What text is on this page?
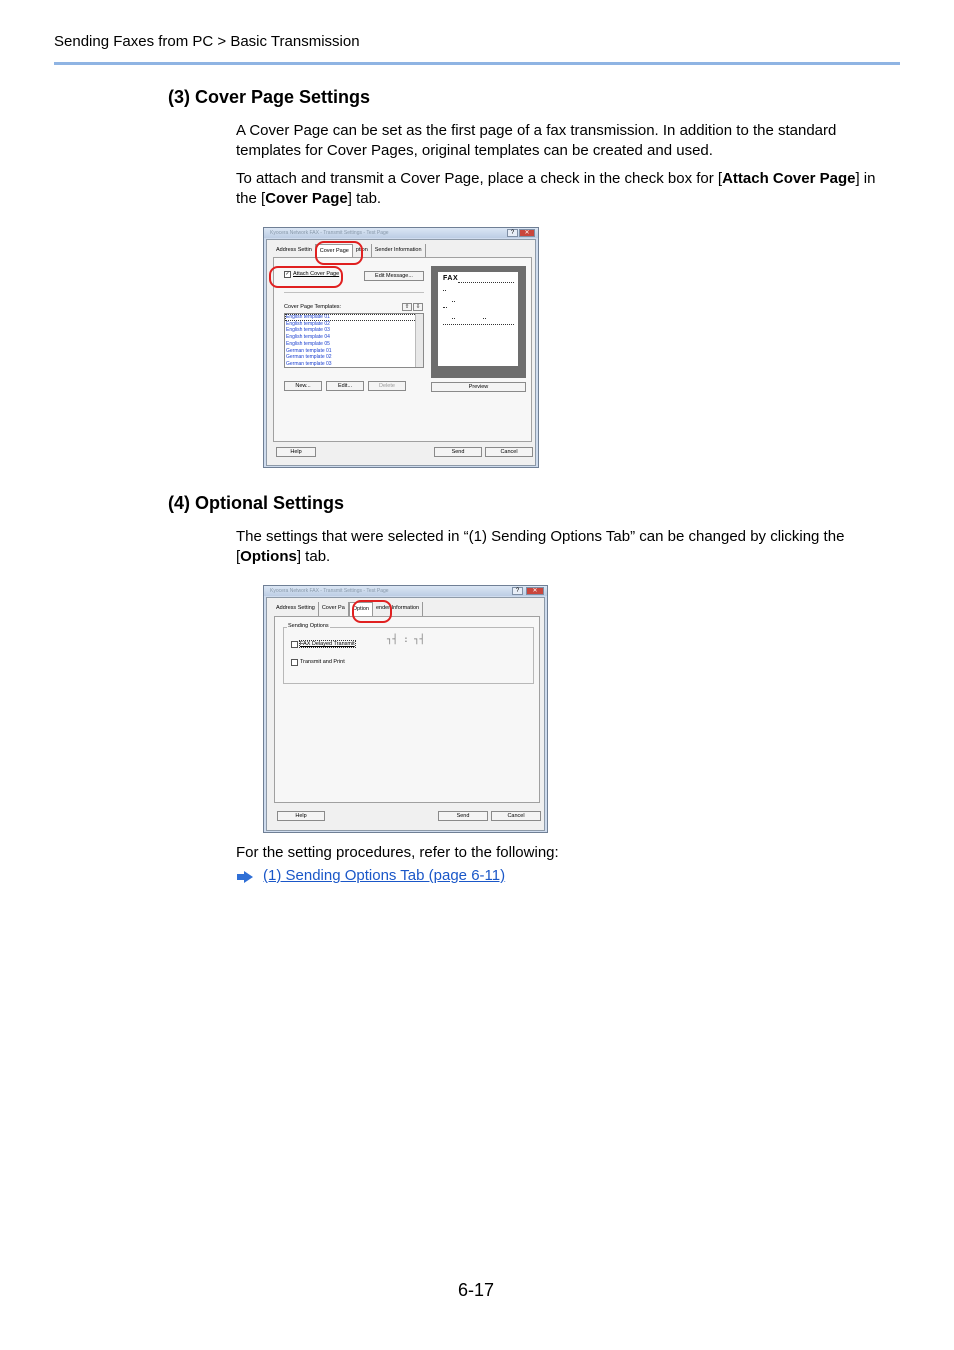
Sending Faxes from PC > Basic Transmission
(3) Cover Page Settings

A Cover Page can be set as the first page of a fax transmission. In addition to the standard templates for Cover Pages, original templates can be created and used.

To attach and transmit a Cover Page, place a check in the check box for [Attach Cover Page] in the [Cover Page] tab.

Kyocera Network FAX - Transmit Settings - Test Page	?	✕
Address Settin	Cover Page	ption	Sender Information
✓ Attach Cover Page	Edit Message...
Cover Page Templates:	⇧	⇩
English template 01
English template 02
English template 03
English template 04
English template 05
German template 01
German template 02
German template 03
New...	Edit...	Delete
FAX
Preview
Help	Send	Cancel
(4) Optional Settings

The settings that were selected in “(1) Sending Options Tab” can be changed by clicking the [Options] tab.

Kyocera Network FAX - Transmit Settings - Test Page	?	✕
Address Setting	Cover Pa	Option	ender Information
Sending Options
FAX Delayed Transmit	┐┤ : ┐┤
Transmit and Print
Help	Send	Cancel

For the setting procedures, refer to the following:

(1) Sending Options Tab (page 6-11)
6-17
